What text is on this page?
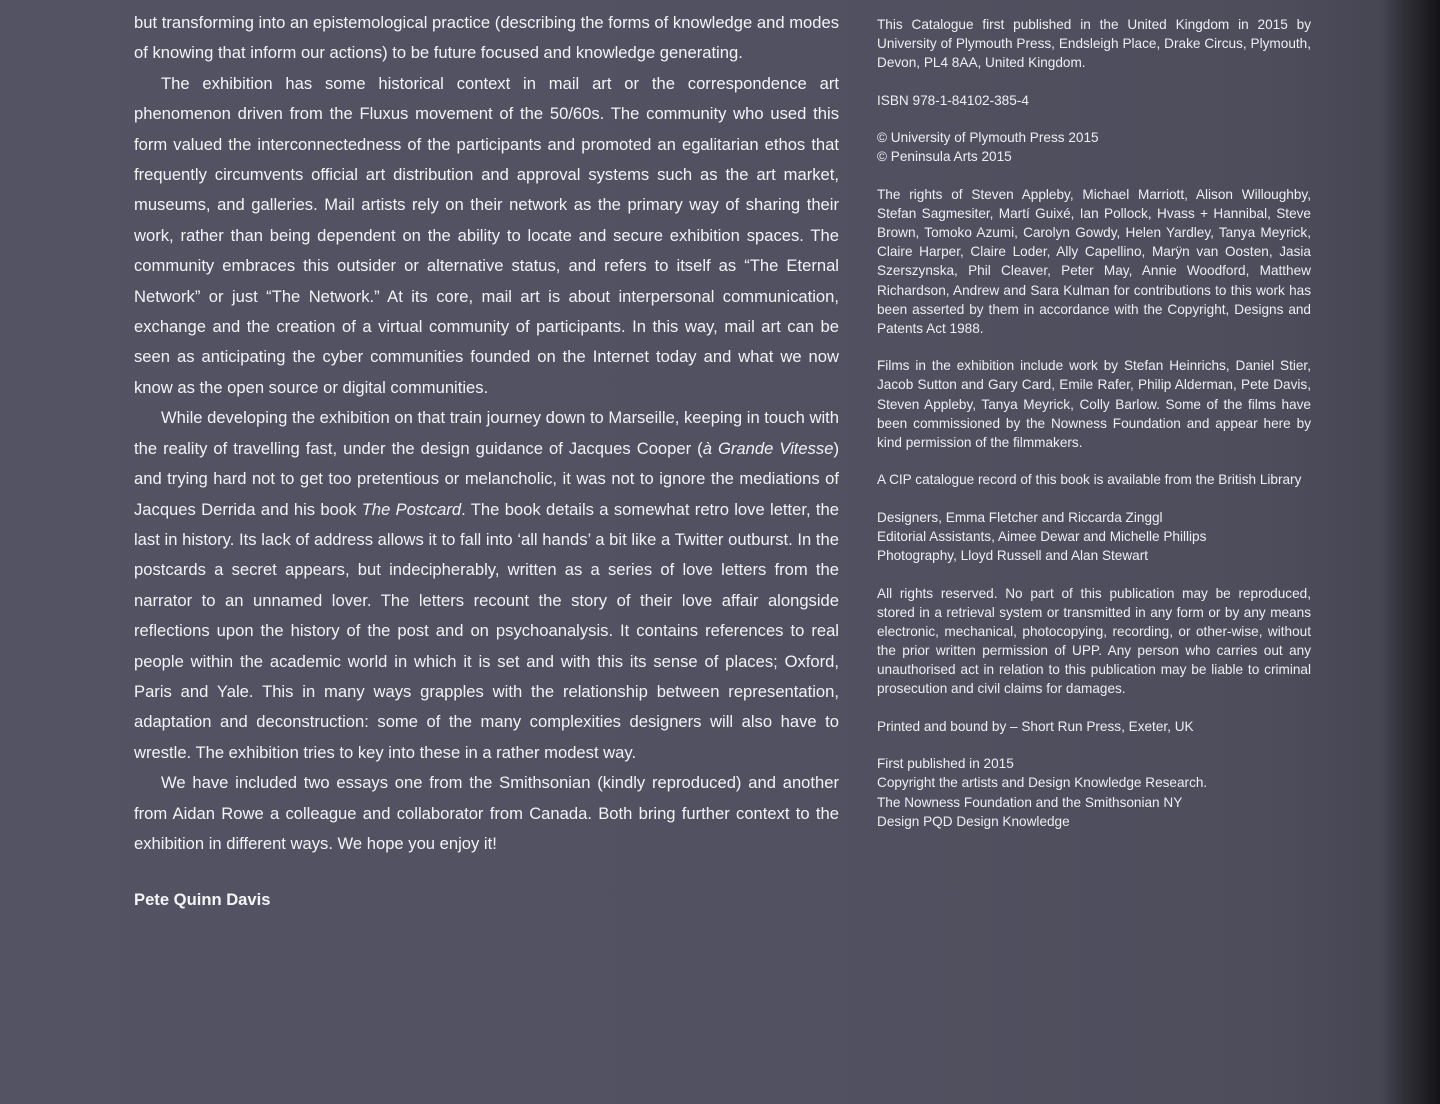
but transforming into an epistemological practice (describing the forms of knowledge and modes of knowing that inform our actions) to be future focused and knowledge generating.

The exhibition has some historical context in mail art or the correspondence art phenomenon driven from the Fluxus movement of the 50/60s. The community who used this form valued the interconnectedness of the participants and promoted an egalitarian ethos that frequently circumvents official art distribution and approval systems such as the art market, museums, and galleries. Mail artists rely on their network as the primary way of sharing their work, rather than being dependent on the ability to locate and secure exhibition spaces. The community embraces this outsider or alternative status, and refers to itself as “The Eternal Network” or just “The Network.” At its core, mail art is about interpersonal communication, exchange and the creation of a virtual community of participants. In this way, mail art can be seen as anticipating the cyber communities founded on the Internet today and what we now know as the open source or digital communities.

While developing the exhibition on that train journey down to Marseille, keeping in touch with the reality of travelling fast, under the design guidance of Jacques Cooper (à Grande Vitesse) and trying hard not to get too pretentious or melancholic, it was not to ignore the mediations of Jacques Derrida and his book The Postcard. The book details a somewhat retro love letter, the last in history. Its lack of address allows it to fall into ‘all hands’ a bit like a Twitter outburst. In the postcards a secret appears, but indecipherably, written as a series of love letters from the narrator to an unnamed lover. The letters recount the story of their love affair alongside reflections upon the history of the post and on psychoanalysis. It contains references to real people within the academic world in which it is set and with this its sense of places; Oxford, Paris and Yale. This in many ways grapples with the relationship between representation, adaptation and deconstruction: some of the many complexities designers will also have to wrestle. The exhibition tries to key into these in a rather modest way.

We have included two essays one from the Smithsonian (kindly reproduced) and another from Aidan Rowe a colleague and collaborator from Canada. Both bring further context to the exhibition in different ways. We hope you enjoy it!

Pete Quinn Davis
This Catalogue first published in the United Kingdom in 2015 by University of Plymouth Press, Endsleigh Place, Drake Circus, Plymouth, Devon, PL4 8AA, United Kingdom.
ISBN 978-1-84102-385-4
© University of Plymouth Press 2015
© Peninsula Arts 2015
The rights of Steven Appleby, Michael Marriott, Alison Willoughby, Stefan Sagmesiter, Martí Guixé, Ian Pollock, Hvass + Hannibal, Steve Brown, Tomoko Azumi, Carolyn Gowdy, Helen Yardley, Tanya Meyrick, Claire Harper, Claire Loder, Ally Capellino, Marÿn van Oosten, Jasia Szerszynska, Phil Cleaver, Peter May, Annie Woodford, Matthew Richardson, Andrew and Sara Kulman for contributions to this work has been asserted by them in accordance with the Copyright, Designs and Patents Act 1988.
Films in the exhibition include work by Stefan Heinrichs, Daniel Stier, Jacob Sutton and Gary Card, Emile Rafer, Philip Alderman, Pete Davis, Steven Appleby, Tanya Meyrick, Colly Barlow. Some of the films have been commissioned by the Nowness Foundation and appear here by kind permission of the filmmakers.
A CIP catalogue record of this book is available from the British Library
Designers, Emma Fletcher and Riccarda Zinggl
Editorial Assistants, Aimee Dewar and Michelle Phillips
Photography, Lloyd Russell and Alan Stewart
All rights reserved. No part of this publication may be reproduced, stored in a retrieval system or transmitted in any form or by any means electronic, mechanical, photocopying, recording, or other-wise, without the prior written permission of UPP. Any person who carries out any unauthorised act in relation to this publication may be liable to criminal prosecution and civil claims for damages.
Printed and bound by – Short Run Press, Exeter, UK
First published in 2015
Copyright the artists and Design Knowledge Research.
The Nowness Foundation and the Smithsonian NY
Design PQD Design Knowledge
